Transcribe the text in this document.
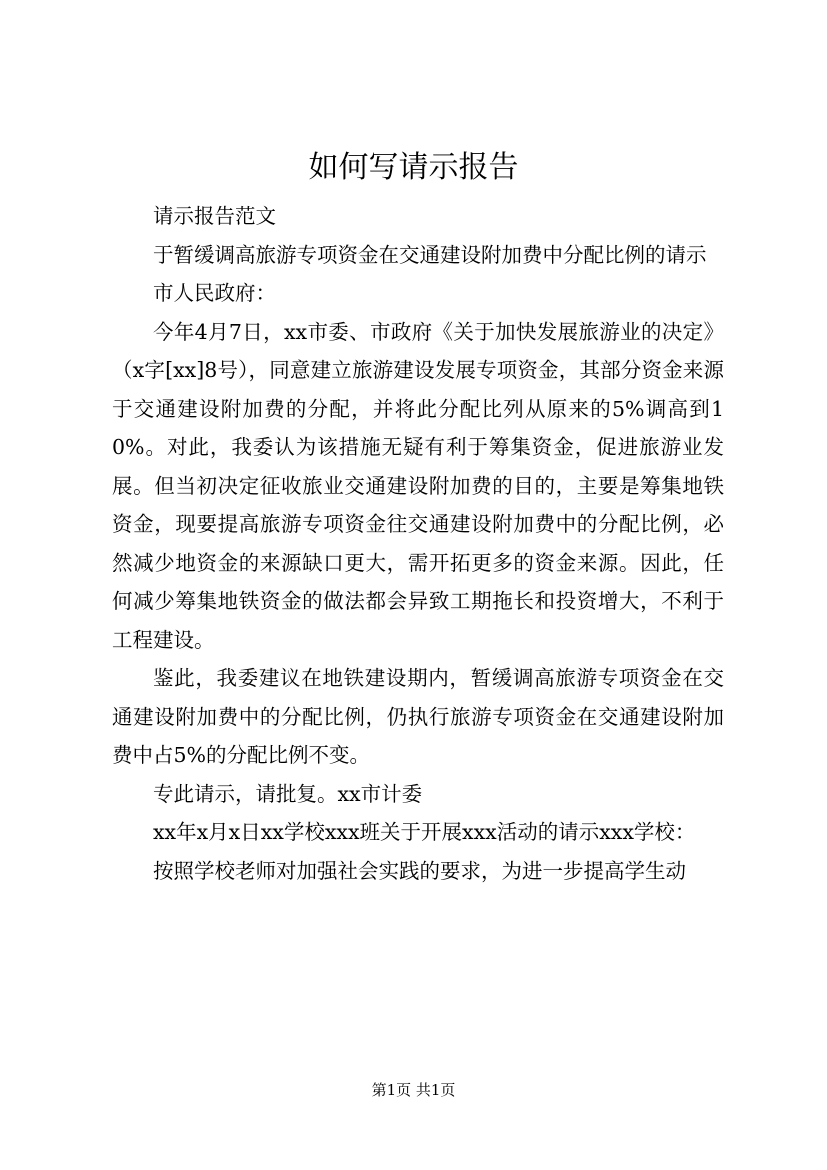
如何写请示报告

请示报告范文

于暂缓调高旅游专项资金在交通建设附加费中分配比例的请示

市人民政府：

今年4月7日，xx市委、市政府《关于加快发展旅游业的决定》（x字[xx]8号），同意建立旅游建设发展专项资金，其部分资金来源于交通建设附加费的分配，并将此分配比列从原来的5%调高到10%。对此，我委认为该措施无疑有利于筹集资金，促进旅游业发展。但当初决定征收旅业交通建设附加费的目的，主要是筹集地铁资金，现要提高旅游专项资金往交通建设附加费中的分配比例，必然减少地资金的来源缺口更大，需开拓更多的资金来源。因此，任何减少筹集地铁资金的做法都会异致工期拖长和投资增大，不利于工程建设。

鉴此，我委建议在地铁建设期内，暂缓调高旅游专项资金在交通建设附加费中的分配比例，仍执行旅游专项资金在交通建设附加费中占5%的分配比例不变。

专此请示，请批复。xx市计委

xx年x月x日xx学校xxx班关于开展xxx活动的请示xxx学校：

按照学校老师对加强社会实践的要求，为进一步提高学生动

第1页 共1页
